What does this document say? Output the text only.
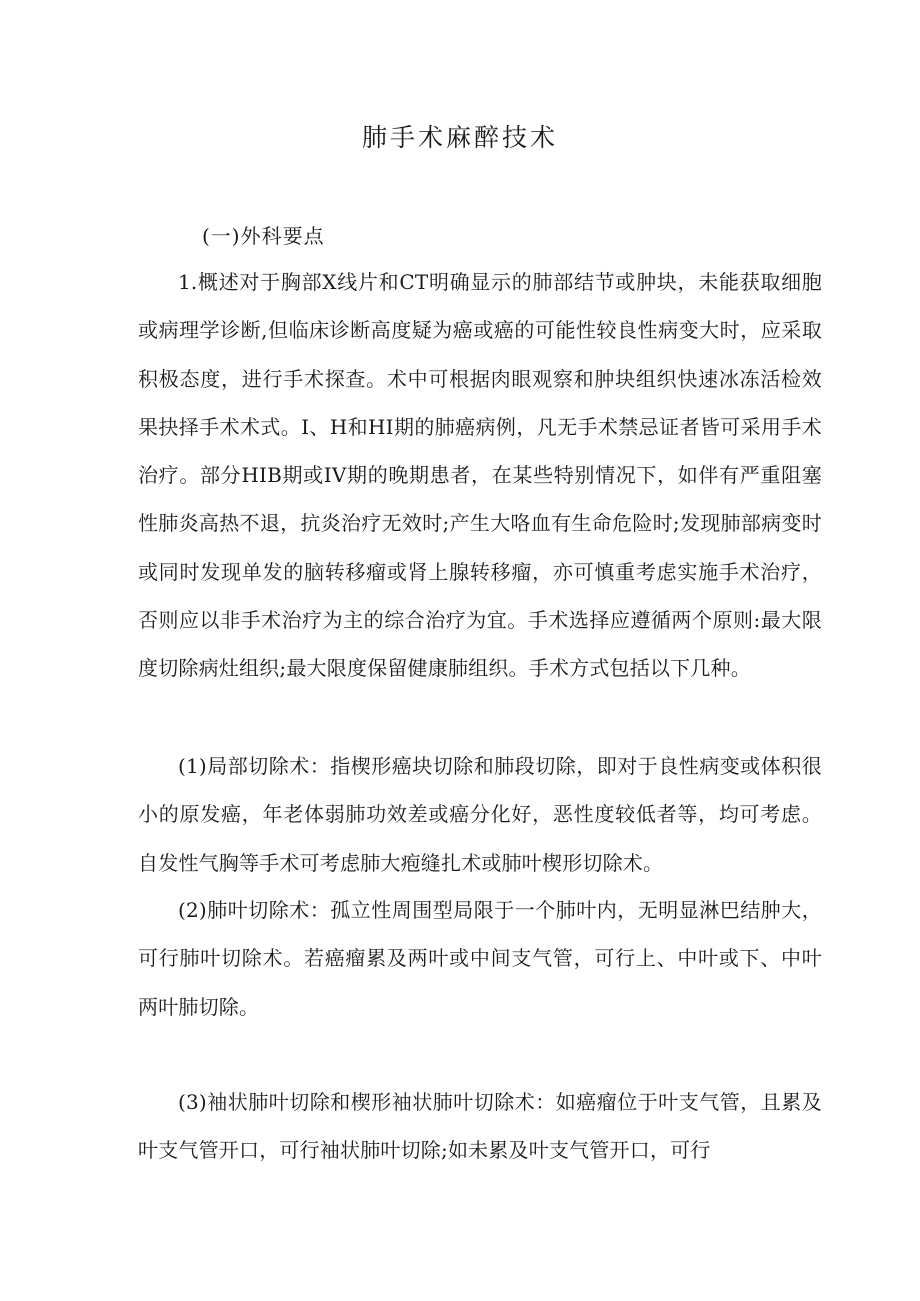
肺手术麻醉技术
(一)外科要点

1.概述对于胸部X线片和CT明确显示的肺部结节或肿块，未能获取细胞或病理学诊断,但临床诊断高度疑为癌或癌的可能性较良性病变大时，应采取积极态度，进行手术探查。术中可根据肉眼观察和肿块组织快速冰冻活检效果抉择手术术式。I、H和HI期的肺癌病例，凡无手术禁忌证者皆可采用手术治疗。部分HIB期或IV期的晚期患者，在某些特别情况下，如伴有严重阻塞性肺炎高热不退，抗炎治疗无效时;产生大咯血有生命危险时;发现肺部病变时或同时发现单发的脑转移瘤或肾上腺转移瘤，亦可慎重考虑实施手术治疗，否则应以非手术治疗为主的综合治疗为宜。手术选择应遵循两个原则:最大限度切除病灶组织;最大限度保留健康肺组织。手术方式包括以下几种。

(1)局部切除术：指楔形癌块切除和肺段切除，即对于良性病变或体积很小的原发癌，年老体弱肺功效差或癌分化好，恶性度较低者等，均可考虑。自发性气胸等手术可考虑肺大疱缝扎术或肺叶楔形切除术。

(2)肺叶切除术：孤立性周围型局限于一个肺叶内，无明显淋巴结肿大，可行肺叶切除术。若癌瘤累及两叶或中间支气管，可行上、中叶或下、中叶两叶肺切除。

(3)袖状肺叶切除和楔形袖状肺叶切除术：如癌瘤位于叶支气管，且累及叶支气管开口，可行袖状肺叶切除;如未累及叶支气管开口，可行
